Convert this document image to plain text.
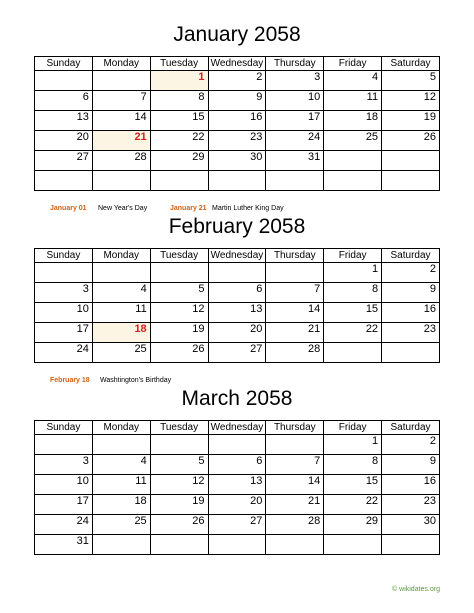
January 2058
Sunday	Monday	Tuesday	Wednesday	Thursday	Friday	Saturday
		1	2	3	4	5
6	7	8	9	10	11	12
13	14	15	16	17	18	19
20	21	22	23	24	25	26
27	28	29	30	31		

January 01 New Year's Day	January 21 Martin Luther King Day
February 2058
Sunday	Monday	Tuesday	Wednesday	Thursday	Friday	Saturday
					1	2
3	4	5	6	7	8	9
10	11	12	13	14	15	16
17	18	19	20	21	22	23
24	25	26	27	28		
February 18 Washtington's Birthday
March 2058
Sunday	Monday	Tuesday	Wednesday	Thursday	Friday	Saturday
					1	2
3	4	5	6	7	8	9
10	11	12	13	14	15	16
17	18	19	20	21	22	23
24	25	26	27	28	29	30
31						
© wikidates.org
